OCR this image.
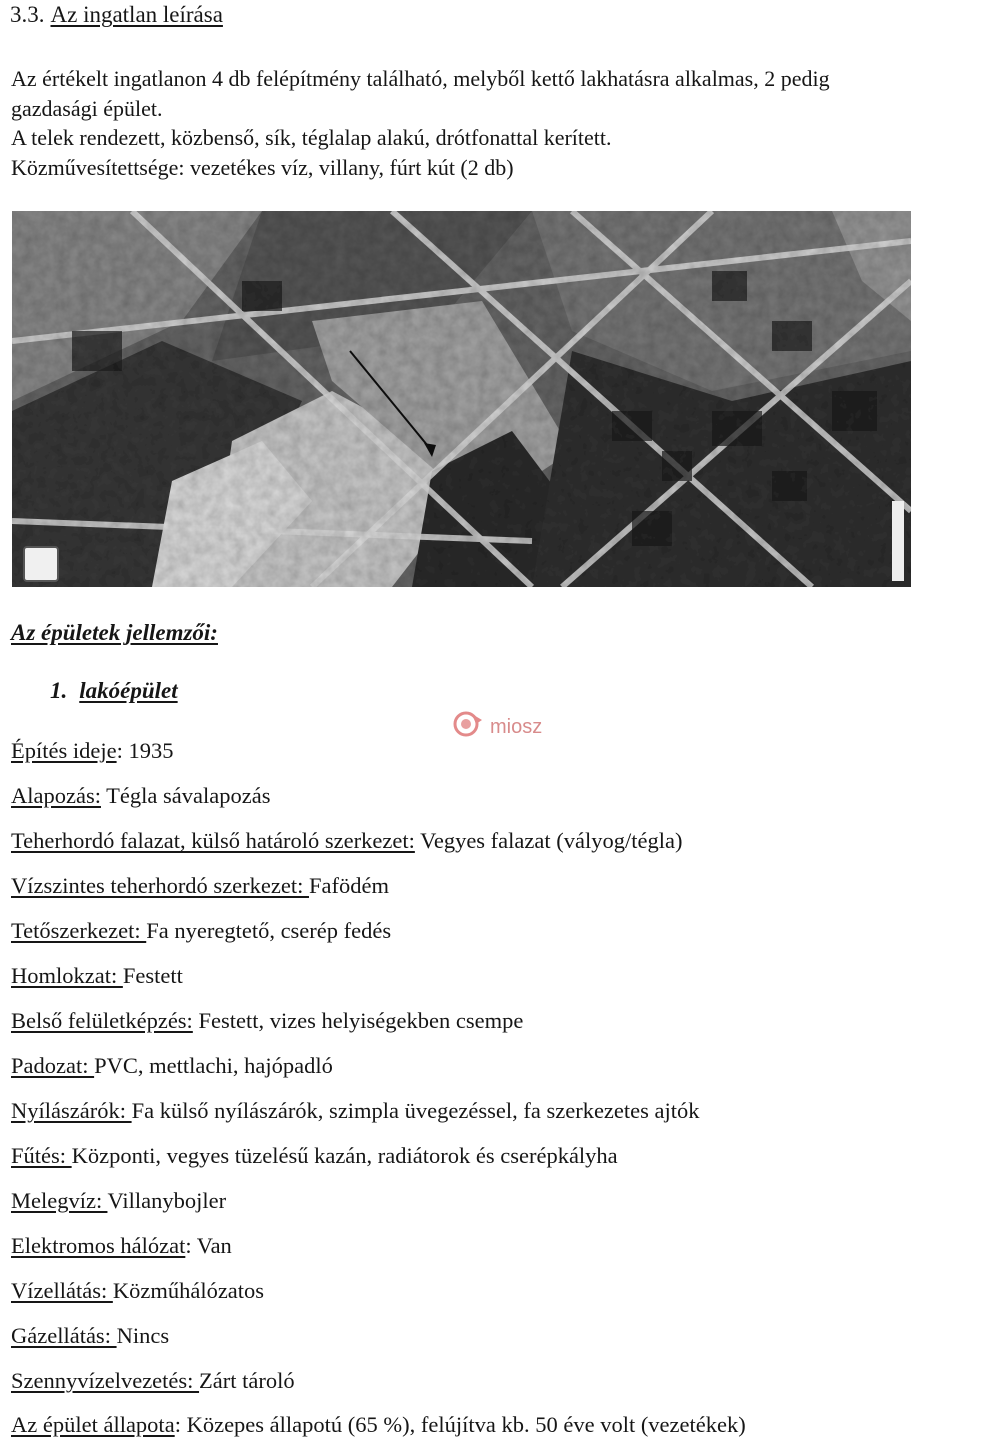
3.3. Az ingatlan leírása
Az értékelt ingatlanon 4 db felépítmény található, melyből kettő lakhatásra alkalmas, 2 pedig
gazdasági épület.
A telek rendezett, közbenső, sík, téglalap alakú, drótfonattal kerített.
Közművesítettsége: vezetékes víz, villany, fúrt kút (2 db)
Az épületek jellemzői:
1. lakóépület
miosz
Építés ideje: 1935
Alapozás: Tégla sávalapozás
Teherhordó falazat, külső határoló szerkezet: Vegyes falazat (vályog/tégla)
Vízszintes teherhordó szerkezet: Fafödém
Tetőszerkezet: Fa nyeregtető, cserép fedés
Homlokzat: Festett
Belső felületképzés: Festett, vizes helyiségekben csempe
Padozat: PVC, mettlachi, hajópadló
Nyílászárók: Fa külső nyílászárók, szimpla üvegezéssel, fa szerkezetes ajtók
Fűtés: Központi, vegyes tüzelésű kazán, radiátorok és cserépkályha
Melegvíz: Villanybojler
Elektromos hálózat: Van
Vízellátás: Közműhálózatos
Gázellátás: Nincs
Szennyvízelvezetés: Zárt tároló
Az épület állapota: Közepes állapotú (65 %), felújítva kb. 50 éve volt (vezetékek)
